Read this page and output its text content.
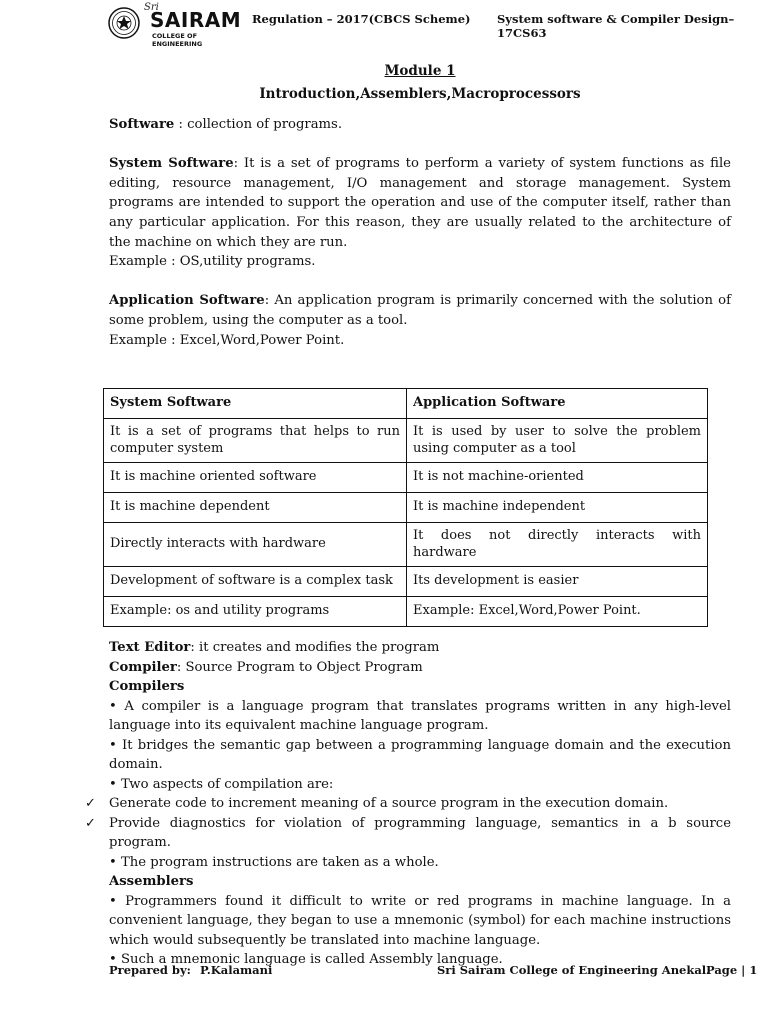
Sri
SAIRAM
COLLEGE OF ENGINEERING
Regulation – 2017(CBCS Scheme) System software & Compiler Design– 17CS63
Module 1
Introduction,Assemblers,Macroprocessors

Software : collection of programs.

System Software: It is a set of programs to perform a variety of system functions as file editing, resource management, I/O management and storage management. System programs are intended to support the operation and use of the computer itself, rather than any particular application. For this reason, they are usually related to the architecture of the machine on which they are run.

Example : OS,utility programs.

Application Software: An application program is primarily concerned with the solution of some problem, using the computer as a tool.

Example : Excel,Word,Power Point.

System Software	Application Software
It is a set of programs that helps to run computer system	It is used by user to solve the problem using computer as a tool
It is machine oriented software	It is not machine-oriented
It is machine dependent	It is machine independent
Directly interacts with hardware	It does not directly interacts with hardware
Development of software is a complex task	Its development is easier
Example: os and utility programs	Example: Excel,Word,Power Point.

Text Editor: it creates and modifies the program

Compiler: Source Program to Object Program

Compilers

• A compiler is a language program that translates programs written in any high-level language into its equivalent machine language program.

• It bridges the semantic gap between a programming language domain and the execution domain.

• Two aspects of compilation are:

✓ Generate code to increment meaning of a source program in the execution domain.

✓ Provide diagnostics for violation of programming language, semantics in a b source program.

• The program instructions are taken as a whole.

Assemblers

• Programmers found it difficult to write or red programs in machine language. In a convenient language, they began to use a mnemonic (symbol) for each machine instructions which would subsequently be translated into machine language.

• Such a mnemonic language is called Assembly language.

Prepared by: P.Kalamani	Sri Sairam College of Engineering Anekal.
Page | 1
